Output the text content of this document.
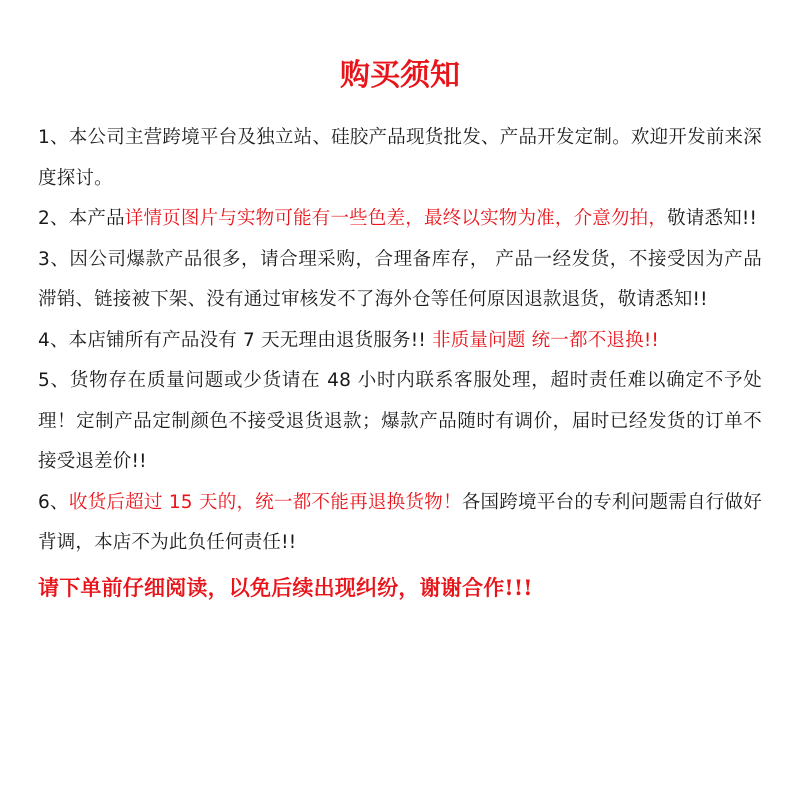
购买须知

1、本公司主营跨境平台及独立站、硅胶产品现货批发、产品开发定制。欢迎开发前来深度探讨。

2、本产品详情页图片与实物可能有一些色差，最终以实物为准，介意勿拍，敬请悉知!!

3、因公司爆款产品很多，请合理采购，合理备库存， 产品一经发货，不接受因为产品滞销、链接被下架、没有通过审核发不了海外仓等任何原因退款退货，敬请悉知!!

4、本店铺所有产品没有 7 天无理由退货服务!! 非质量问题 统一都不退换!!

5、货物存在质量问题或少货请在 48 小时内联系客服处理，超时责任难以确定不予处理！定制产品定制颜色不接受退货退款；爆款产品随时有调价，届时已经发货的订单不接受退差价!!

6、收货后超过 15 天的，统一都不能再退换货物！各国跨境平台的专利问题需自行做好背调，本店不为此负任何责任!!

请下单前仔细阅读，以免后续出现纠纷，谢谢合作!!!
